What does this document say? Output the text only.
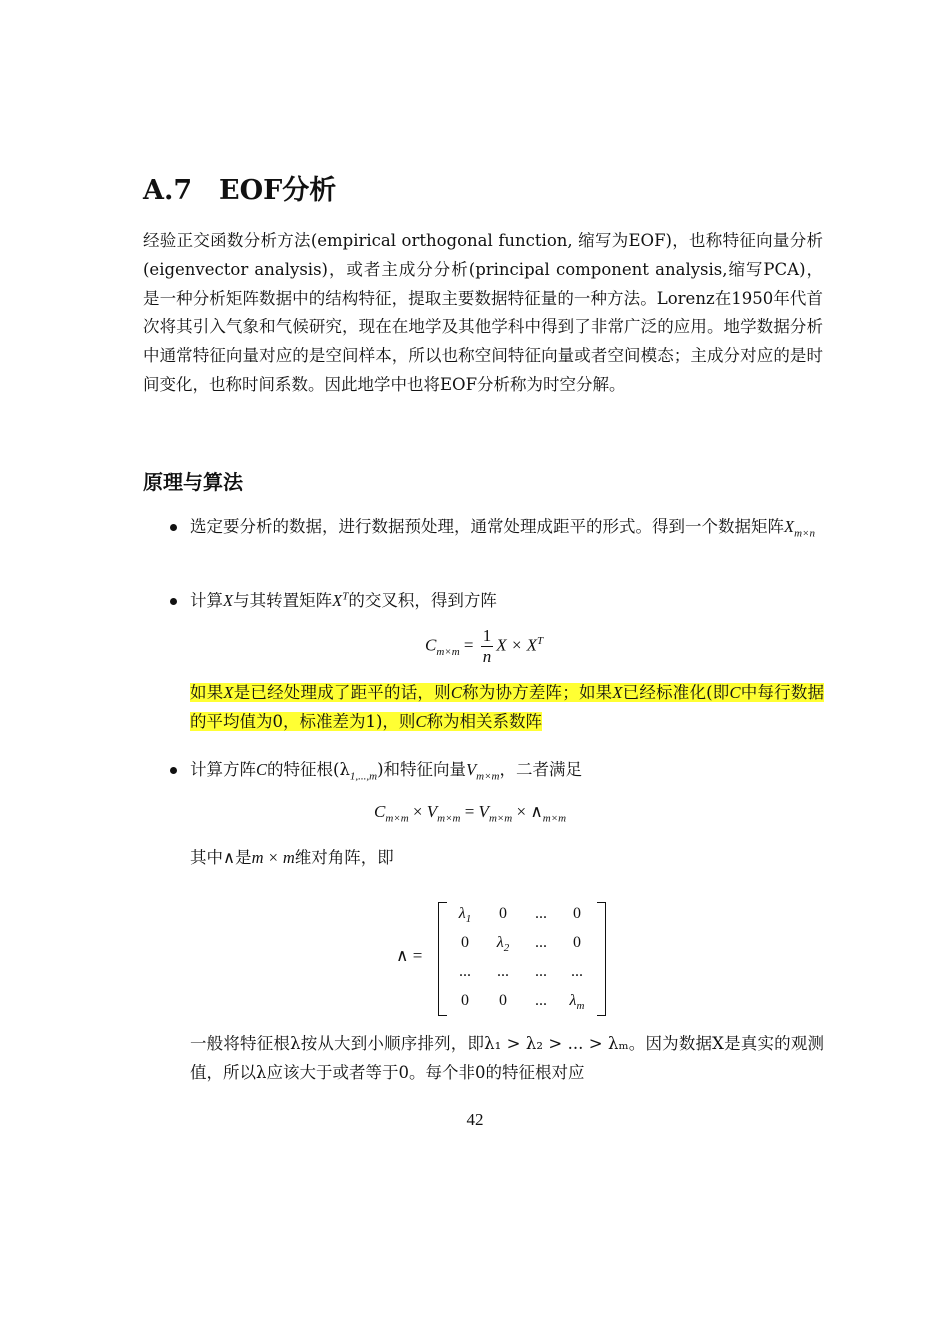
A.7 EOF分析
经验正交函数分析方法(empirical orthogonal function, 缩写为EOF)，也称特征向量分析(eigenvector analysis)，或者主成分分析(principal component analysis,缩写PCA)，是一种分析矩阵数据中的结构特征，提取主要数据特征量的一种方法。Lorenz在1950年代首次将其引入气象和气候研究，现在在地学及其他学科中得到了非常广泛的应用。地学数据分析中通常特征向量对应的是空间样本，所以也称空间特征向量或者空间模态；主成分对应的是时间变化，也称时间系数。因此地学中也将EOF分析称为时空分解。
原理与算法
选定要分析的数据，进行数据预处理，通常处理成距平的形式。得到一个数据矩阵$X_{m\times n}$
计算X与其转置矩阵$X^T$的交叉积，得到方阵
$C_{m\times m} = \frac{1}{n}$ $X \times X^T$
如果X是已经处理成了距平的话，则C称为协方差阵；如果X已经标准化(即C中每行数据的平均值为0，标准差为1)，则C称为相关系数阵
计算方阵C的特征根$(\lambda_{1,...,m})$和特征向量$V_{m\times m}$，二者满足
$C_{m\times m} \times V_{m\times m} = V_{m\times m}$ × $\wedge_{m\times m}$
其中∧是m × m维对角阵，即
∧ =
$\lambda_1$	0	...	0
0	$\lambda_2$	...	0
...	...	...	...
0	0	...	$\lambda_m$
一般将特征根λ按从大到小顺序排列，即λ₁ > λ₂ > ... > λₘ。因为数据X是真实的观测值，所以λ应该大于或者等于0。每个非0的特征根对应
42
